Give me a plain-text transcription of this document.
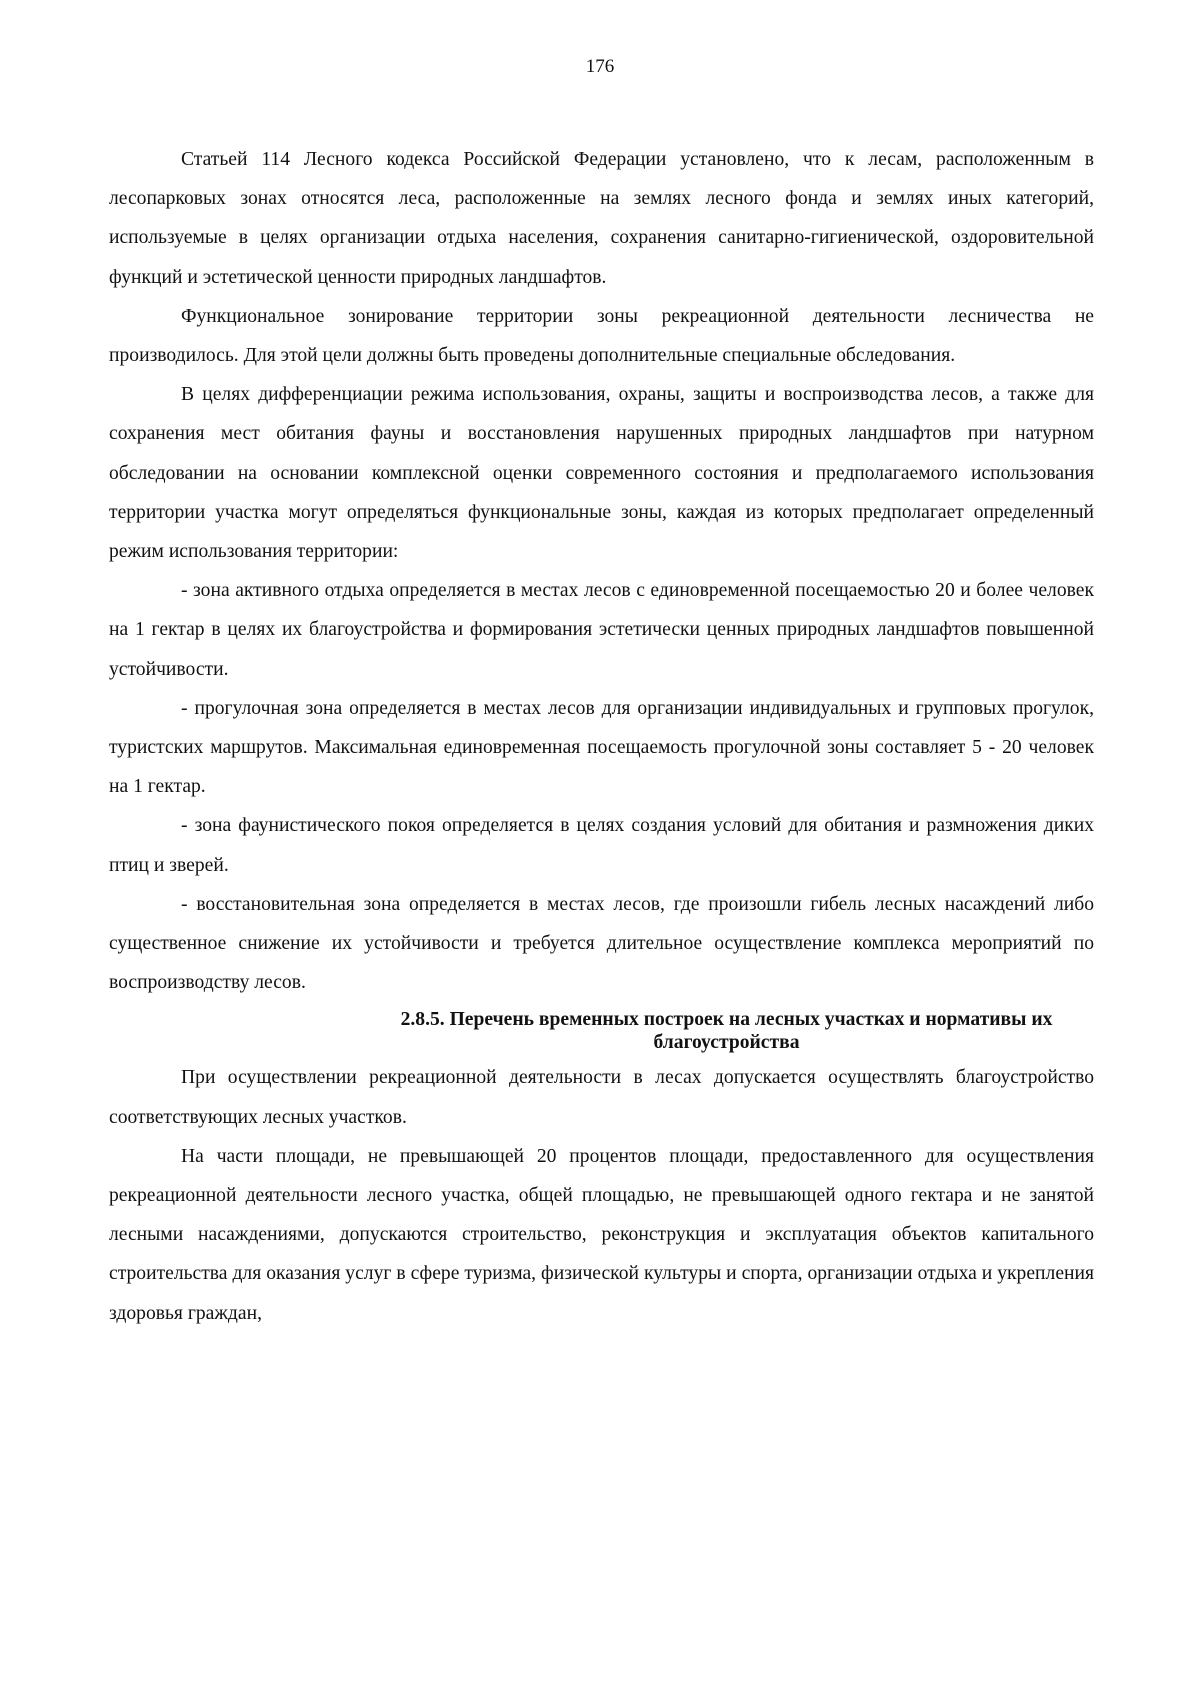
176

Статьей 114 Лесного кодекса Российской Федерации установлено, что к лесам, расположенным в лесопарковых зонах относятся леса, расположенные на землях лесного фонда и землях иных категорий, используемые в целях организации отдыха населения, сохранения санитарно-гигиенической, оздоровительной функций и эстетической ценности природных ландшафтов.

Функциональное зонирование территории зоны рекреационной деятельности лесничества не производилось. Для этой цели должны быть проведены дополнительные специальные обследования.

В целях дифференциации режима использования, охраны, защиты и воспроизводства лесов, а также для сохранения мест обитания фауны и восстановления нарушенных природных ландшафтов при натурном обследовании на основании комплексной оценки современного состояния и предполагаемого использования территории участка могут определяться функциональные зоны, каждая из которых предполагает определенный режим использования территории:

- зона активного отдыха определяется в местах лесов с единовременной посещаемостью 20 и более человек на 1 гектар в целях их благоустройства и формирования эстетически ценных природных ландшафтов повышенной устойчивости.

- прогулочная зона определяется в местах лесов для организации индивидуальных и групповых прогулок, туристских маршрутов. Максимальная единовременная посещаемость прогулочной зоны составляет 5 - 20 человек на 1 гектар.

- зона фаунистического покоя определяется в целях создания условий для обитания и размножения диких птиц и зверей.

- восстановительная зона определяется в местах лесов, где произошли гибель лесных насаждений либо существенное снижение их устойчивости и требуется длительное осуществление комплекса мероприятий по воспроизводству лесов.

2.8.5. Перечень временных построек на лесных участках и нормативы их благоустройства

При осуществлении рекреационной деятельности в лесах допускается осуществлять благоустройство соответствующих лесных участков.

На части площади, не превышающей 20 процентов площади, предоставленного для осуществления рекреационной деятельности лесного участка, общей площадью, не превышающей одного гектара и не занятой лесными насаждениями, допускаются строительство, реконструкция и эксплуатация объектов капитального строительства для оказания услуг в сфере туризма, физической культуры и спорта, организации отдыха и укрепления здоровья граждан,
